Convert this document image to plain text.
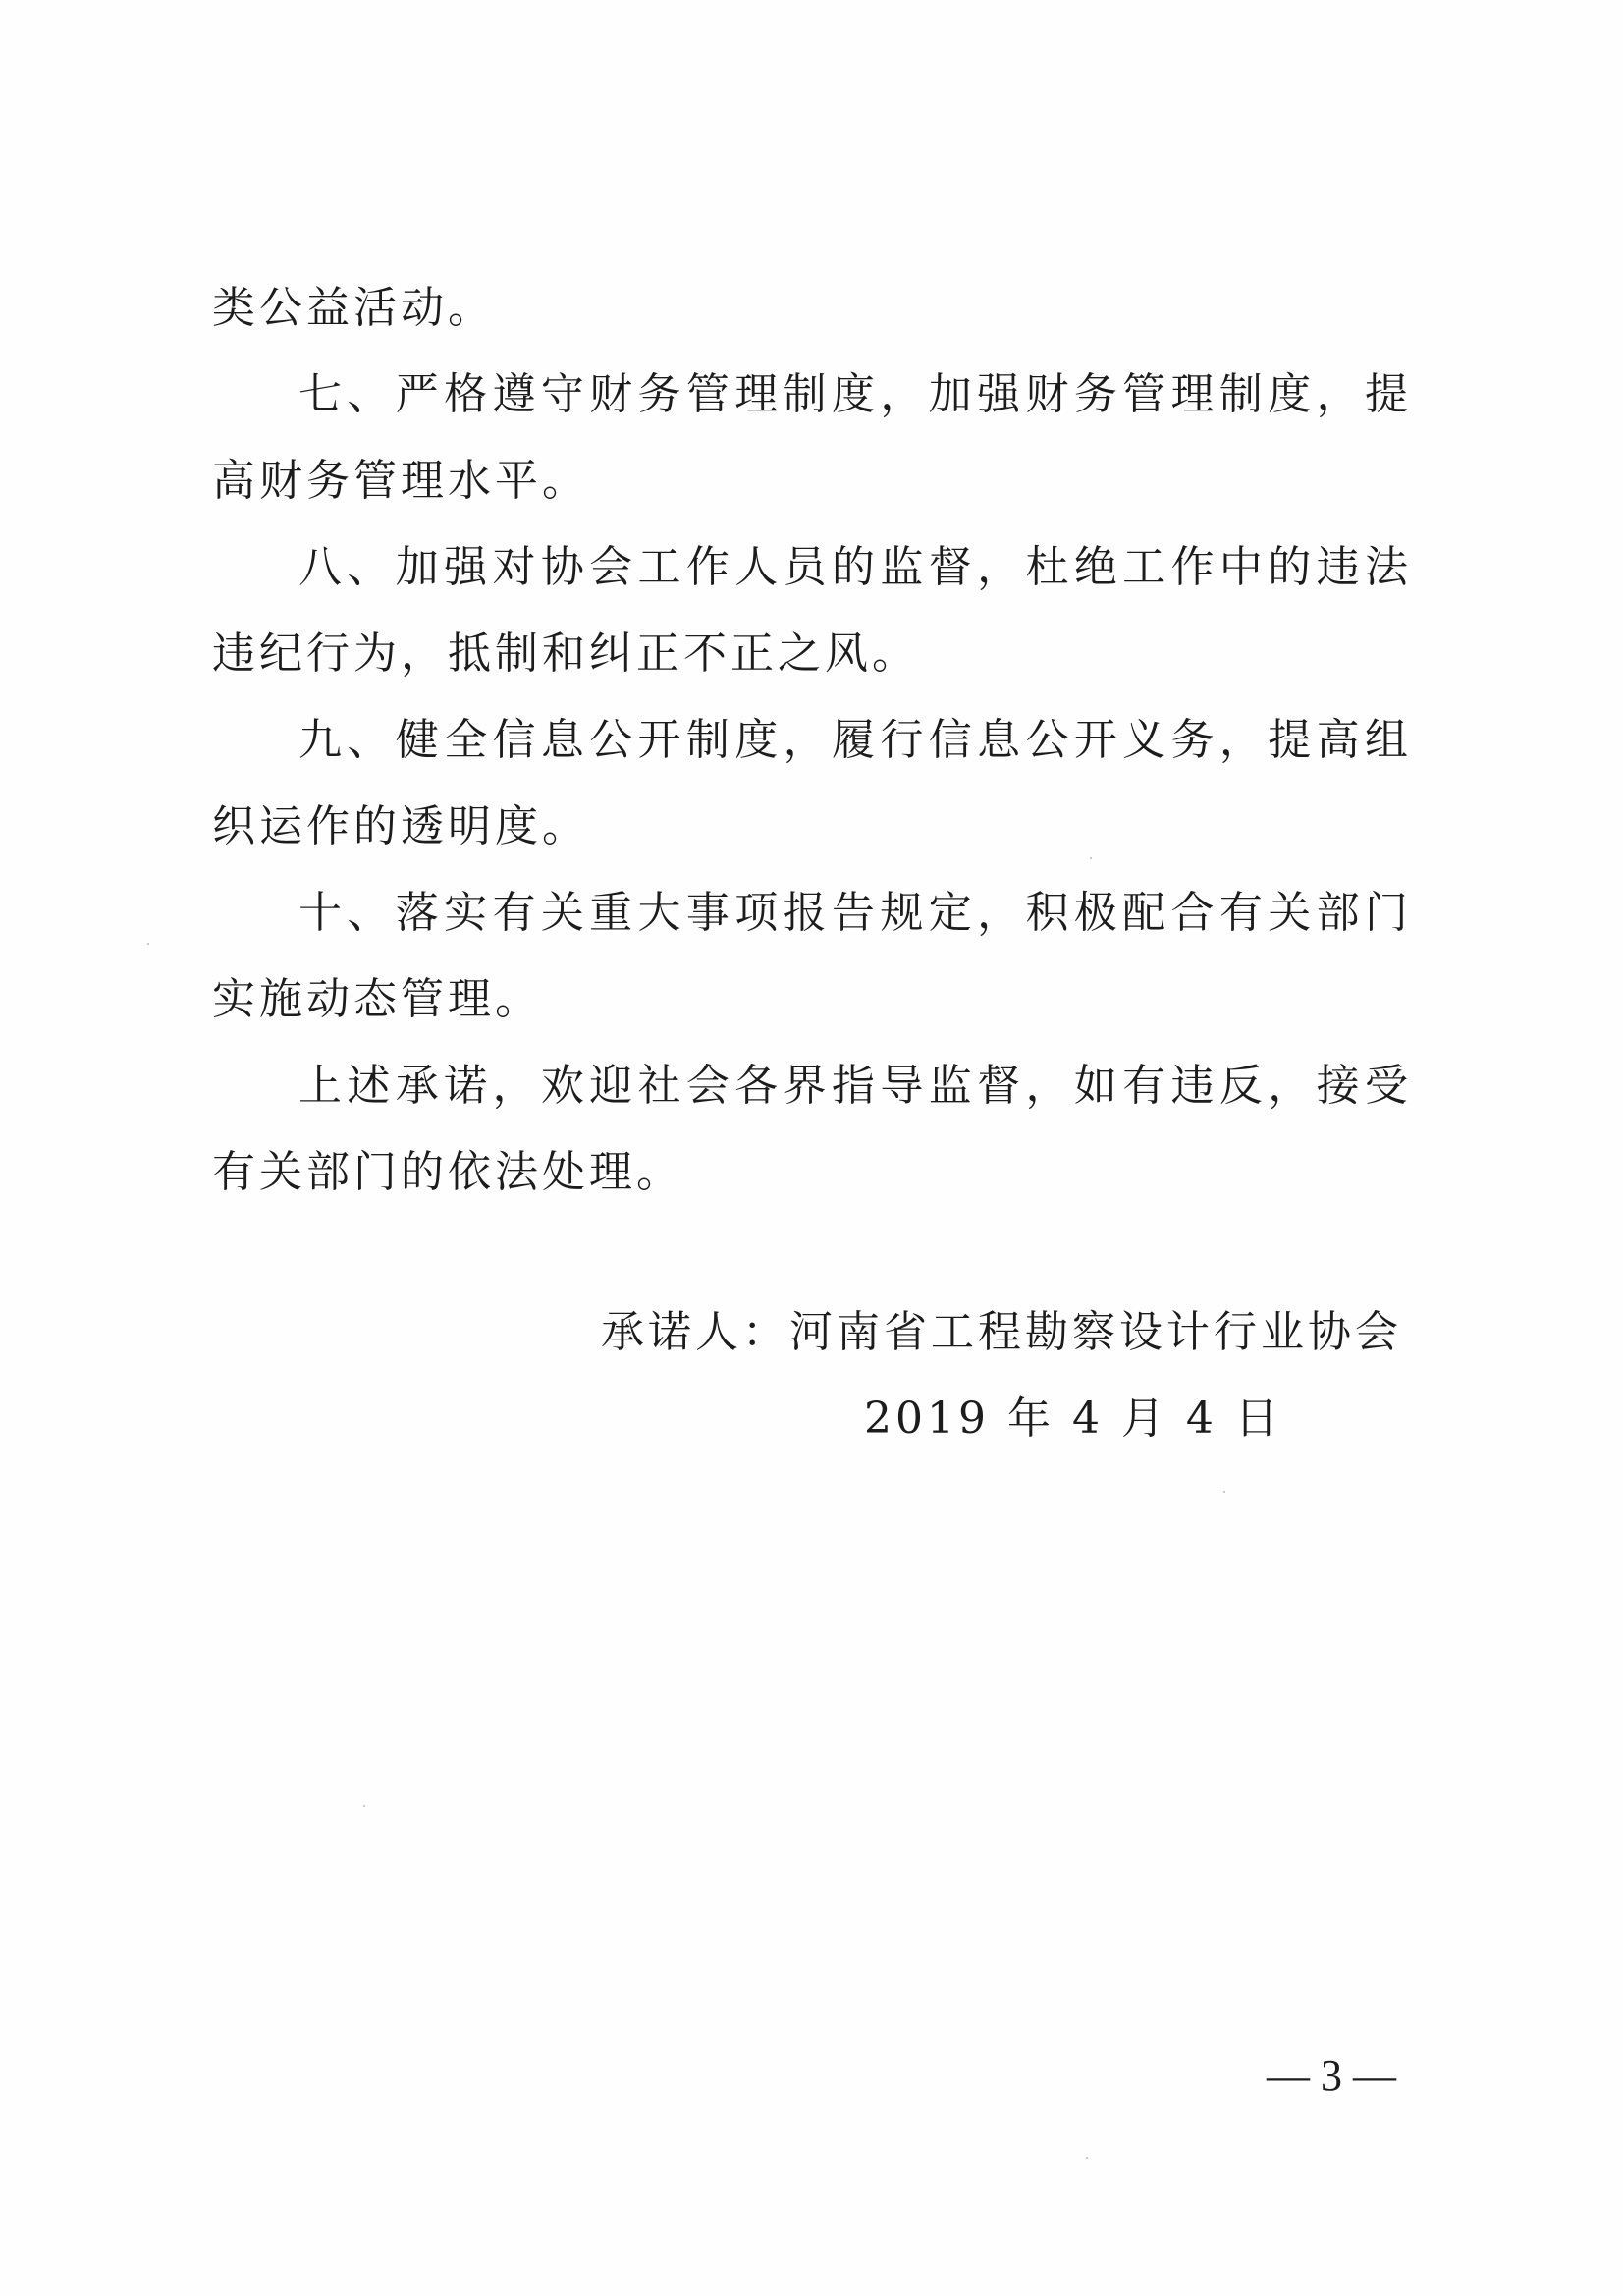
类公益活动。

七、严格遵守财务管理制度，加强财务管理制度，提高财务管理水平。

八、加强对协会工作人员的监督，杜绝工作中的违法违纪行为，抵制和纠正不正之风。

九、健全信息公开制度，履行信息公开义务，提高组织运作的透明度。

十、落实有关重大事项报告规定，积极配合有关部门实施动态管理。

上述承诺，欢迎社会各界指导监督，如有违反，接受有关部门的依法处理。

承诺人：河南省工程勘察设计行业协会
2019 年 4 月 4 日
— 3 —
